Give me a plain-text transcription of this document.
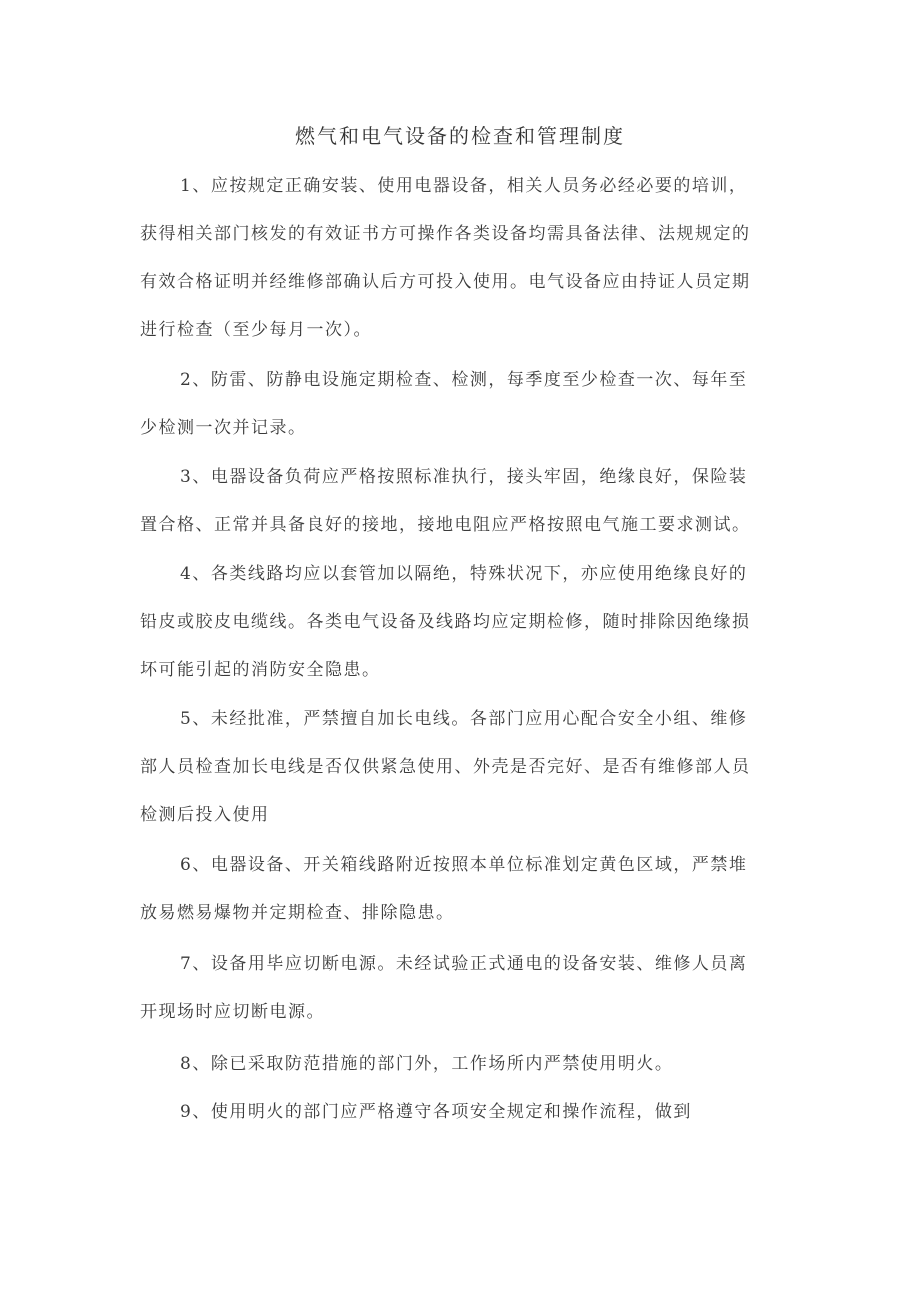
燃气和电气设备的检查和管理制度
1、应按规定正确安装、使用电器设备，相关人员务必经必要的培训，
获得相关部门核发的有效证书方可操作各类设备均需具备法律、法规规定的
有效合格证明并经维修部确认后方可投入使用。电气设备应由持证人员定期
进行检查（至少每月一次）。
2、防雷、防静电设施定期检查、检测，每季度至少检查一次、每年至
少检测一次并记录。
3、电器设备负荷应严格按照标准执行，接头牢固，绝缘良好，保险装
置合格、正常并具备良好的接地，接地电阻应严格按照电气施工要求测试。
4、各类线路均应以套管加以隔绝，特殊状况下，亦应使用绝缘良好的
铅皮或胶皮电缆线。各类电气设备及线路均应定期检修，随时排除因绝缘损
坏可能引起的消防安全隐患。
5、未经批准，严禁擅自加长电线。各部门应用心配合安全小组、维修
部人员检查加长电线是否仅供紧急使用、外壳是否完好、是否有维修部人员
检测后投入使用
6、电器设备、开关箱线路附近按照本单位标准划定黄色区域，严禁堆
放易燃易爆物并定期检查、排除隐患。
7、设备用毕应切断电源。未经试验正式通电的设备安装、维修人员离
开现场时应切断电源。
8、除已采取防范措施的部门外，工作场所内严禁使用明火。
9、使用明火的部门应严格遵守各项安全规定和操作流程，做到
